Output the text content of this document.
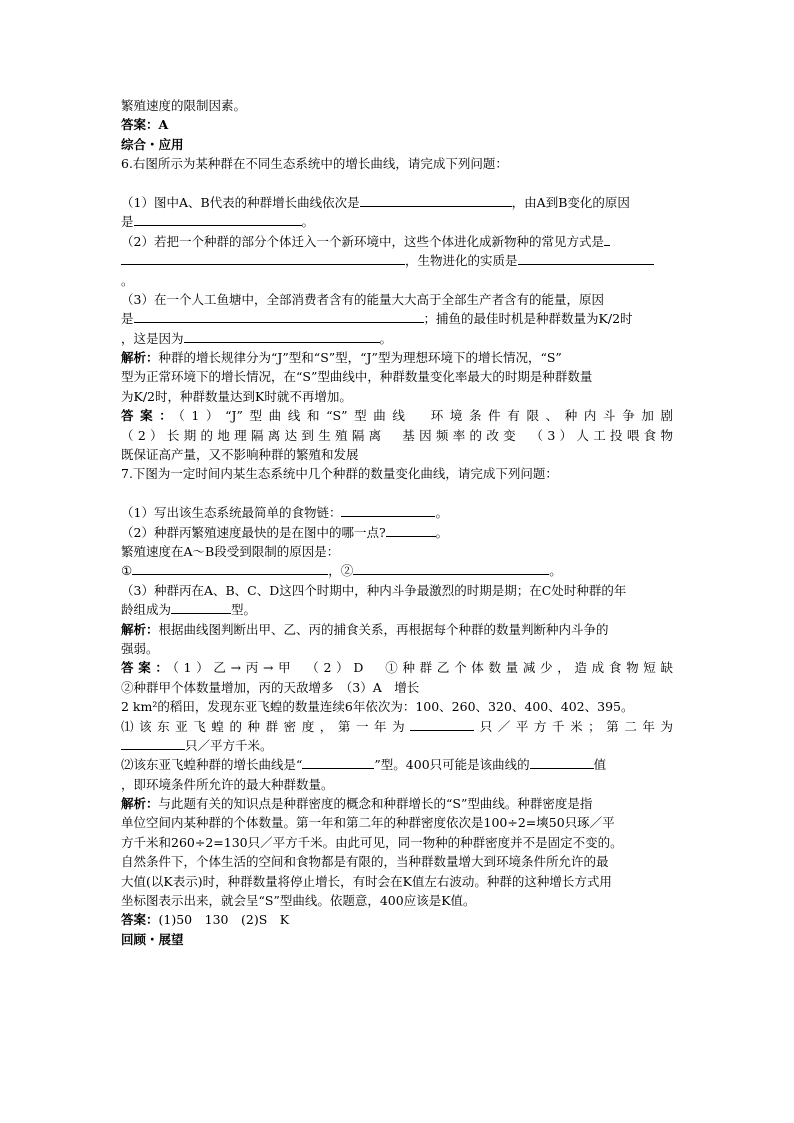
繁殖速度的限制因素。
答案：A
综合・应用
6.右图所示为某种群在不同生态系统中的增长曲线，请完成下列问题：
（1）图中A、B代表的种群增长曲线依次是	，由A到B变化的原因
是	。
（2）若把一个种群的部分个体迁入一个新环境中，这些个体进化成新物种的常见方式是
，生物进化的实质是
。
（3）在一个人工鱼塘中，全部消费者含有的能量大大高于全部生产者含有的能量，原因
是	；捕鱼的最佳时机是种群数量为K/2时
，这是因为	。
解析：种群的增长规律分为“J”型和“S”型，“J”型为理想环境下的增长情况，“S”
型为正常环境下的增长情况，在“S”型曲线中，种群数量变化率最大的时期是种群数量
为K/2时，种群数量达到K时就不再增加。
答案：（1）“J”型曲线和“S”型曲线　环境条件有限、种内斗争加剧
（2）长期的地理隔离达到生殖隔离　基因频率的改变　（3）人工投喂食物
既保证高产量，又不影响种群的繁殖和发展
7.下图为一定时间内某生态系统中几个种群的数量变化曲线，请完成下列问题：
（1）写出该生态系统最简单的食物链：	。
（2）种群丙繁殖速度最快的是在图中的哪一点?	。
繁殖速度在A～B段受到限制的原因是：
①	，②	。
（3）种群丙在A、B、C、D这四个时期中，种内斗争最激烈的时期是期；在C处时种群的年
龄组成为	型。
解析：根据曲线图判断出甲、乙、丙的捕食关系，再根据每个种群的数量判断种内斗争的
强弱。
答案：（1）乙→丙→甲　（2）D　①种群乙个体数量减少，造成食物短缺
②种群甲个体数量增加，丙的天敌增多　（3）A　增长
2 km²的稻田，发现东亚飞蝗的数量连续6年依次为：100、260、320、400、402、395。
⑴该东亚飞蝗的种群密度，第一年为	只／平方千米；第二年为
只／平方千米。
⑵该东亚飞蝗种群的增长曲线是“	”型。400只可能是该曲线的	值
，即环境条件所允许的最大种群数量。
解析：与此题有关的知识点是种群密度的概念和种群增长的“S”型曲线。种群密度是指
单位空间内某种群的个体数量。第一年和第二年的种群密度依次是100÷2=塽50只琢／平
方千米和260÷2=130只／平方千米。由此可见，同一物种的种群密度并不是固定不变的。
自然条件下，个体生活的空间和食物都是有限的，当种群数量增大到环境条件所允许的最
大值(以K表示)时，种群数量将停止增长，有时会在K值左右波动。种群的这种增长方式用
坐标图表示出来，就会呈“S”型曲线。依题意，400应该是K值。
答案：(1)50　130　(2)S　K
回顾・展望
